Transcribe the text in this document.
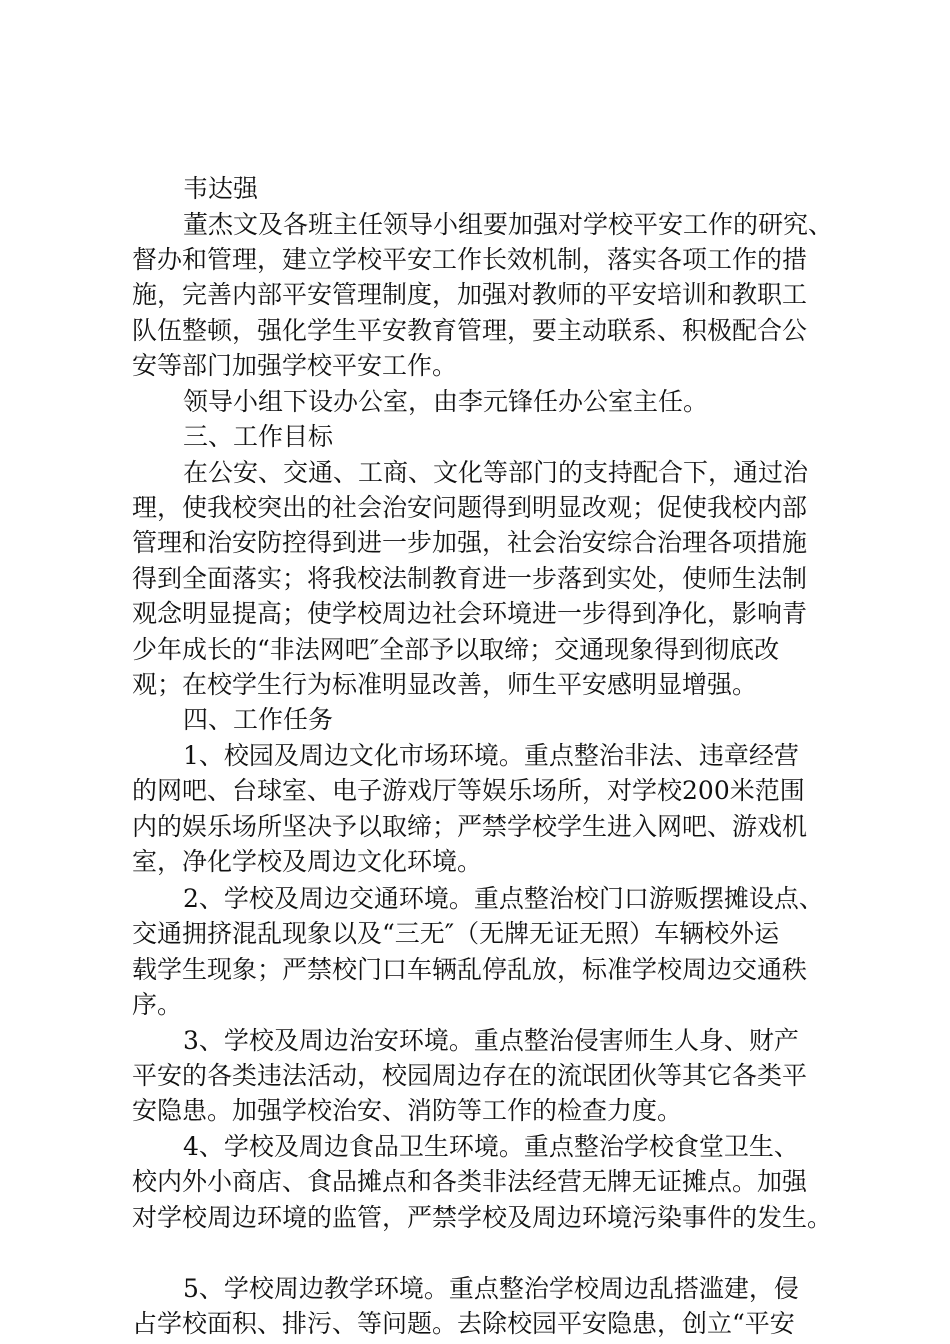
韦达强

董杰文及各班主任领导小组要加强对学校平安工作的研究、

督办和管理，建立学校平安工作长效机制，落实各项工作的措

施，完善内部平安管理制度，加强对教师的平安培训和教职工

队伍整顿，强化学生平安教育管理，要主动联系、积极配合公

安等部门加强学校平安工作。

领导小组下设办公室，由李元锋任办公室主任。

三、工作目标

在公安、交通、工商、文化等部门的支持配合下，通过治

理，使我校突出的社会治安问题得到明显改观；促使我校内部

管理和治安防控得到进一步加强，社会治安综合治理各项措施

得到全面落实；将我校法制教育进一步落到实处，使师生法制

观念明显提高；使学校周边社会环境进一步得到净化，影响青

少年成长的“非法网吧″全部予以取缔；交通现象得到彻底改

观；在校学生行为标准明显改善，师生平安感明显增强。

四、工作任务

1、校园及周边文化市场环境。重点整治非法、违章经营

的网吧、台球室、电子游戏厅等娱乐场所，对学校200米范围

内的娱乐场所坚决予以取缔；严禁学校学生进入网吧、游戏机

室，净化学校及周边文化环境。

2、学校及周边交通环境。重点整治校门口游贩摆摊设点、

交通拥挤混乱现象以及“三无″（无牌无证无照）车辆校外运

载学生现象；严禁校门口车辆乱停乱放，标准学校周边交通秩

序。

3、学校及周边治安环境。重点整治侵害师生人身、财产

平安的各类违法活动，校园周边存在的流氓团伙等其它各类平

安隐患。加强学校治安、消防等工作的检查力度。

4、学校及周边食品卫生环境。重点整治学校食堂卫生、

校内外小商店、食品摊点和各类非法经营无牌无证摊点。加强

对学校周边环境的监管，严禁学校及周边环境污染事件的发生。

5、学校周边教学环境。重点整治学校周边乱搭滥建，侵

占学校面积、排污、等问题。去除校园平安隐患，创立“平安
